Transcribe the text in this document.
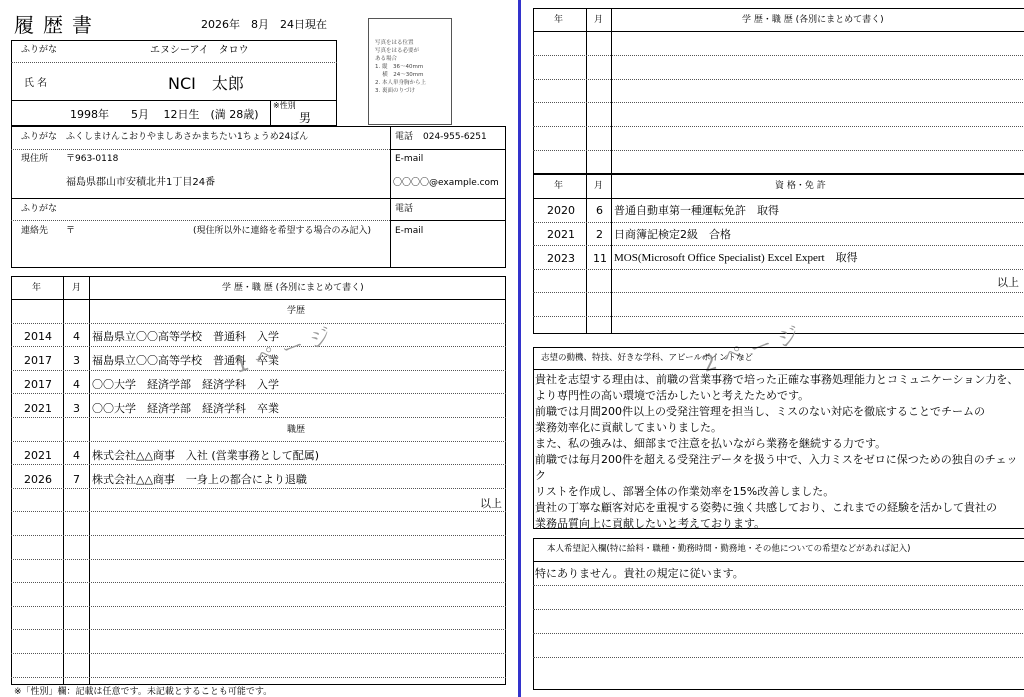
履 歴 書	2026年　8月　24日現在
写真をはる位置
写真をはる必要が
ある場合
1. 縦　36～40mm
　 横　24～30mm
2. 本人単身胸から上
3. 裏面のりづけ
ふりがな	エヌシーアイ　タロウ
氏 名	NCI　太郎
1998年　　5月　 12日生　(満 28歳)
※性別
男
ふりがな ふくしまけんこおりやましあさかまちたい1ちょうめ24ばん	電話 024-955-6251
現住所 〒963-0118	E-mail
福島県郡山市安積北井1丁目24番	〇〇〇〇@example.com
ふりがな	電話
連絡先 〒	(現住所以外に連絡を希望する場合のみ記入)	E-mail
年	月	学 歴・職 歴 (各別にまとめて書く)
学歴
職歴
2014 4 福島県立〇〇高等学校　普通科　入学
2017 3 福島県立〇〇高等学校　普通科　卒業
2017 4 〇〇大学　経済学部　経済学科　入学
2021 3 〇〇大学　経済学部　経済学科　卒業
2021 4 株式会社△△商事　入社 (営業事務として配属)
2026 7 株式会社△△商事　一身上の都合により退職
以上
1 ペ ー ジ
※「性別」欄：記載は任意です。未記載とすることも可能です。
年	月	学 歴・職 歴 (各別にまとめて書く)
年	月	資 格・免 許
2020 6 普通自動車第一種運転免許　取得
2021 2 日商簿記検定2級　合格
2023 11 MOS(Microsoft Office Specialist) Excel Expert　取得
以上
2 ペ ー ジ
志望の動機、特技、好きな学科、アピールポイントなど
貴社を志望する理由は、前職の営業事務で培った正確な事務処理能力とコミュニケーション力を、
より専門性の高い環境で活かしたいと考えたためです。
前職では月間200件以上の受発注管理を担当し、ミスのない対応を徹底することでチームの
業務効率化に貢献してまいりました。
また、私の強みは、細部まで注意を払いながら業務を継続する力です。
前職では毎月200件を超える受発注データを扱う中で、入力ミスをゼロに保つための独自のチェック
リストを作成し、部署全体の作業効率を15%改善しました。
貴社の丁寧な顧客対応を重視する姿勢に強く共感しており、これまでの経験を活かして貴社の
業務品質向上に貢献したいと考えております。
本人希望記入欄(特に給料・職種・勤務時間・勤務地・その他についての希望などがあれば記入)
特にありません。貴社の規定に従います。
